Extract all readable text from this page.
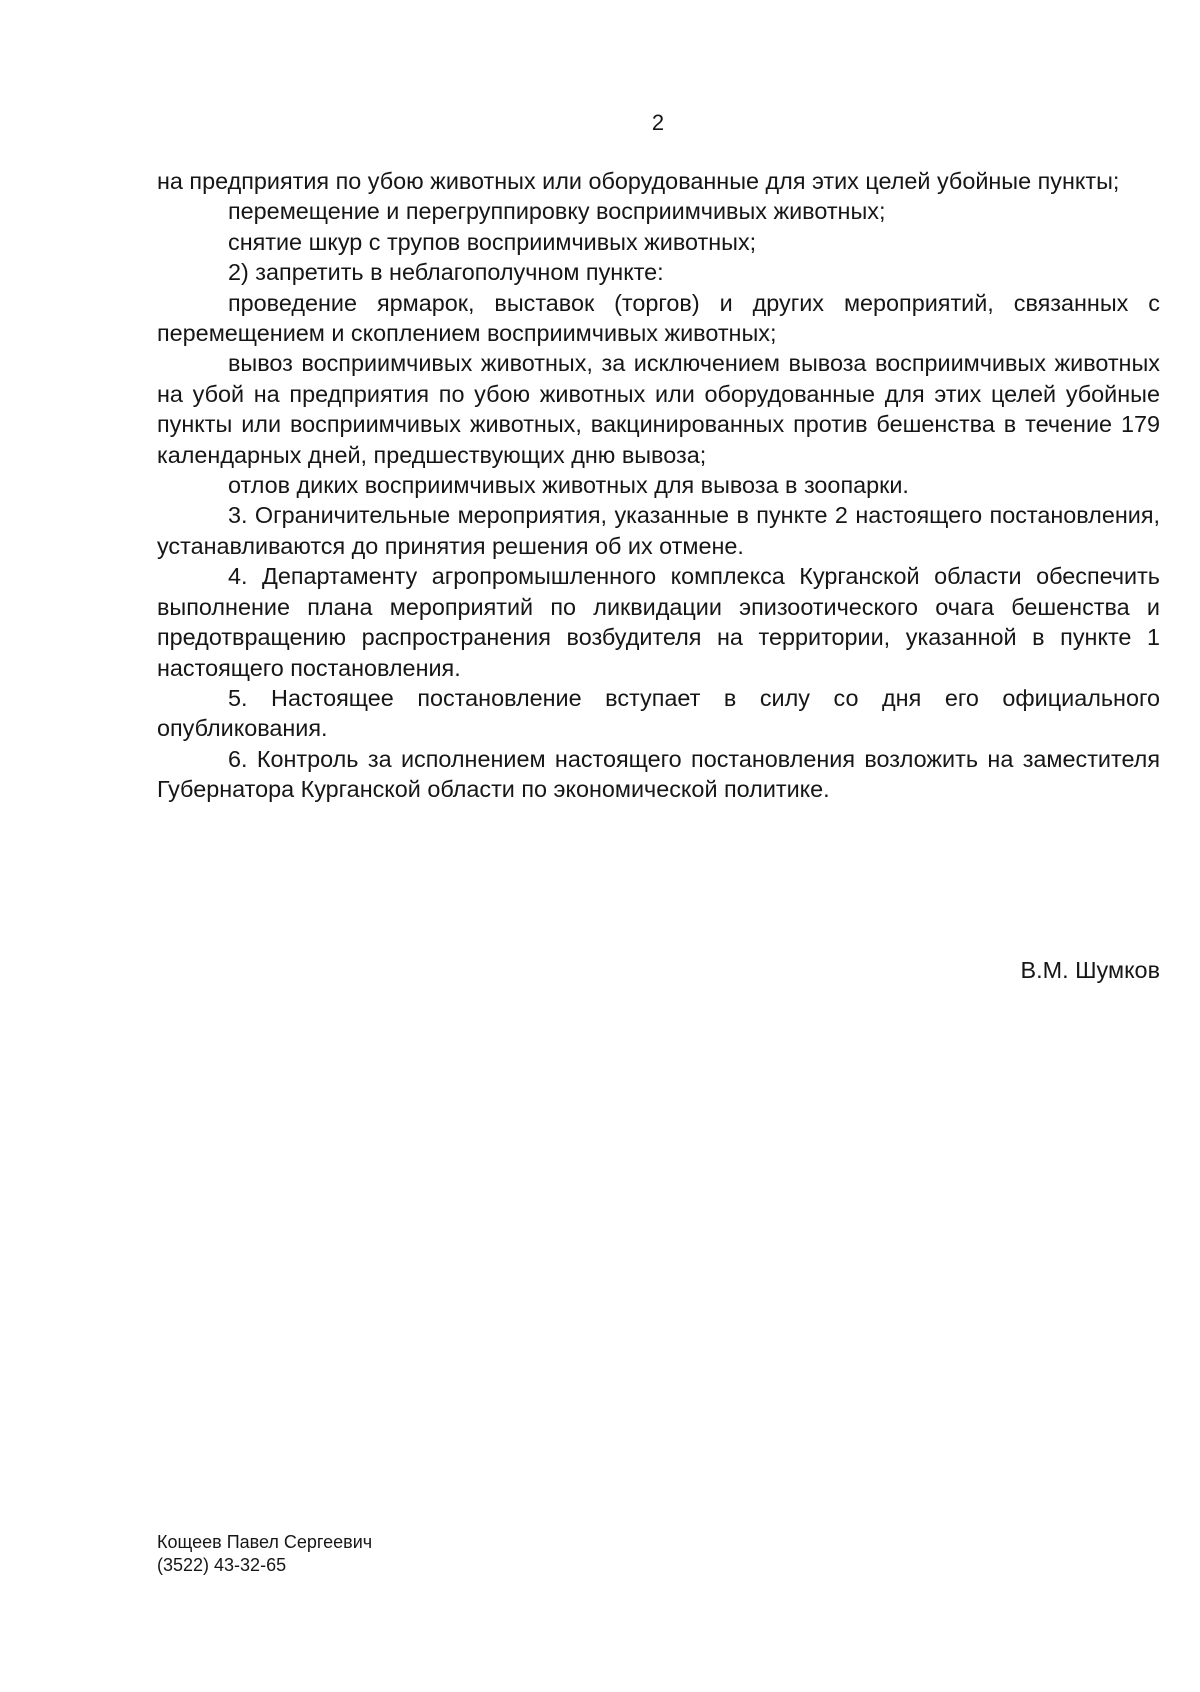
2

на предприятия по убою животных или оборудованные для этих целей убойные пункты;

перемещение и перегруппировку восприимчивых животных;

снятие шкур с трупов восприимчивых животных;

2) запретить в неблагополучном пункте:

проведение ярмарок, выставок (торгов) и других мероприятий, связанных с перемещением и скоплением восприимчивых животных;

вывоз восприимчивых животных, за исключением вывоза восприимчивых животных на убой на предприятия по убою животных или оборудованные для этих целей убойные пункты или восприимчивых животных, вакцинированных против бешенства в течение 179 календарных дней, предшествующих дню вывоза;

отлов диких восприимчивых животных для вывоза в зоопарки.

3. Ограничительные мероприятия, указанные в пункте 2 настоящего постановления, устанавливаются до принятия решения об их отмене.

4. Департаменту агропромышленного комплекса Курганской области обеспечить выполнение плана мероприятий по ликвидации эпизоотического очага бешенства и предотвращению распространения возбудителя на территории, указанной в пункте 1 настоящего постановления.

5. Настоящее постановление вступает в силу со дня его официального опубликования.

6. Контроль за исполнением настоящего постановления возложить на заместителя Губернатора Курганской области по экономической политике.

В.М. Шумков

Кощеев Павел Сергеевич
(3522) 43-32-65
